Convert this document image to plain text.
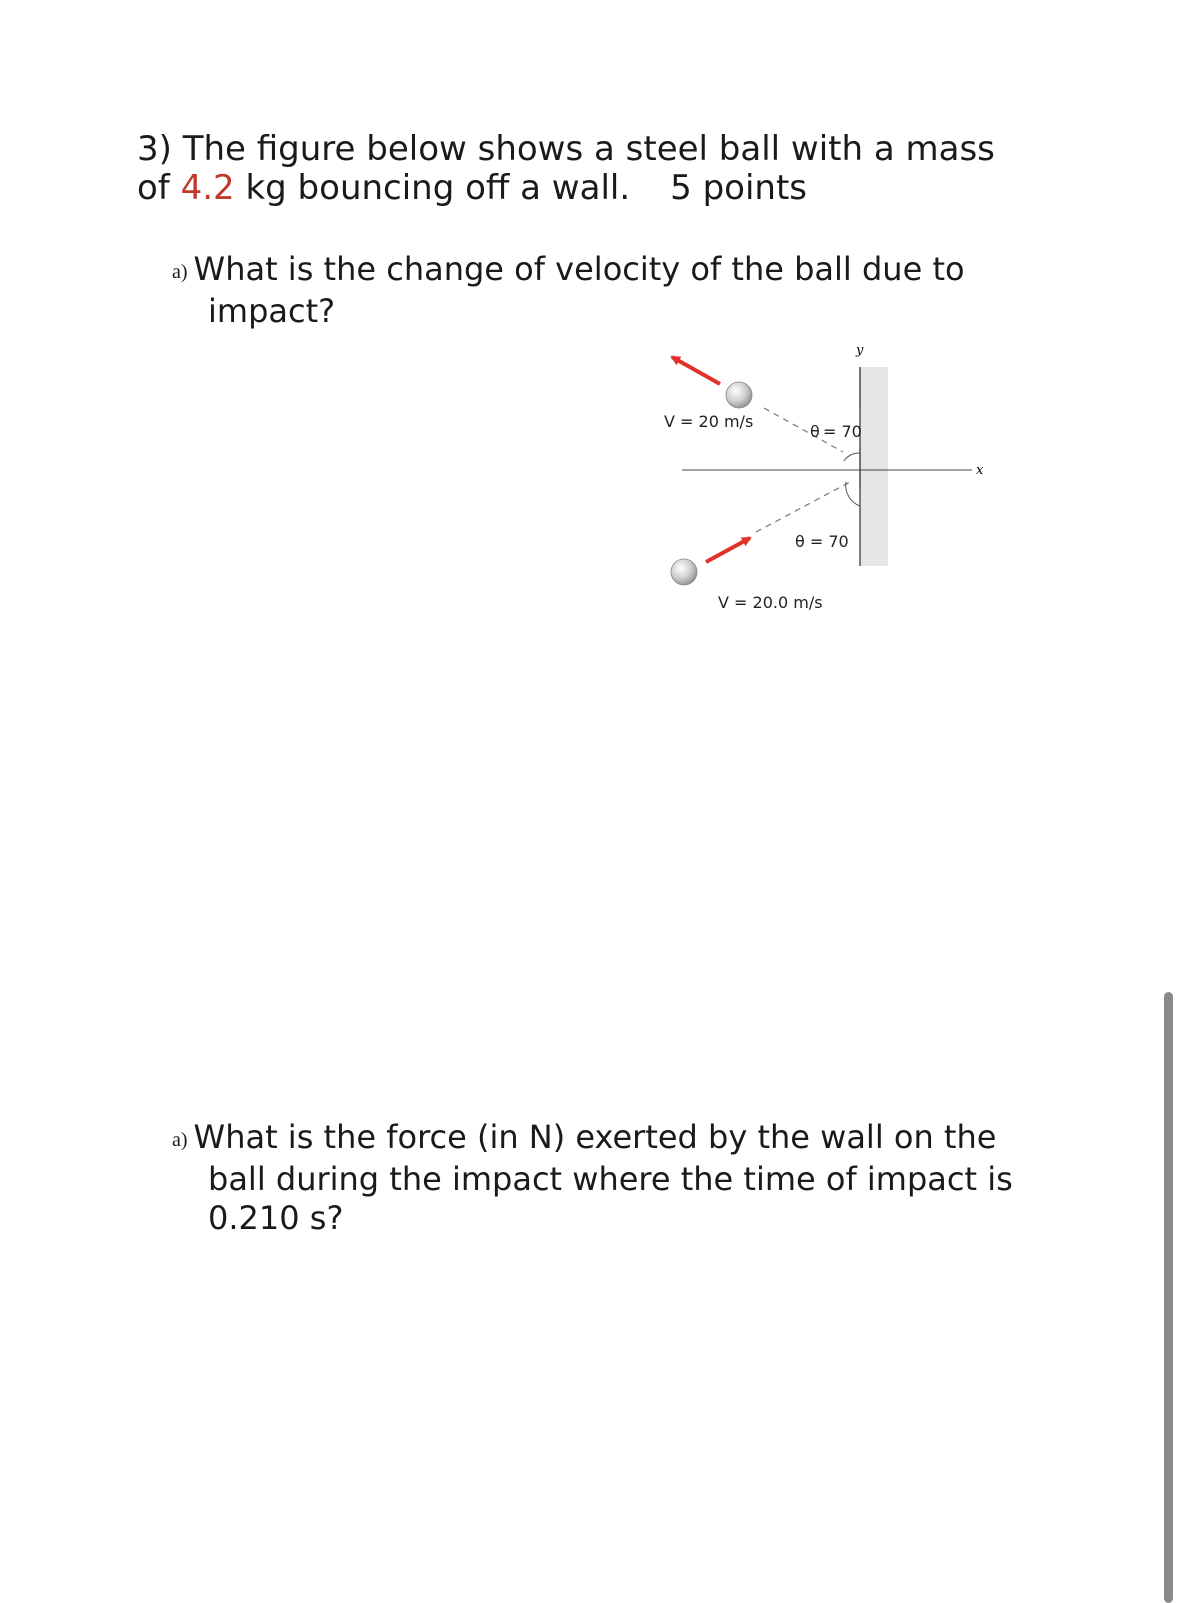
3) The figure below shows a steel ball with a mass of 4.2 kg bouncing off a wall. 5 points

a) What is the change of velocity of the ball due to
impact?
y
x
V = 20 m/s
θ = 70
θ = 70
V = 20.0 m/s
a) What is the force (in N) exerted by the wall on the
ball during the impact where the time of impact is
0.210 s?
